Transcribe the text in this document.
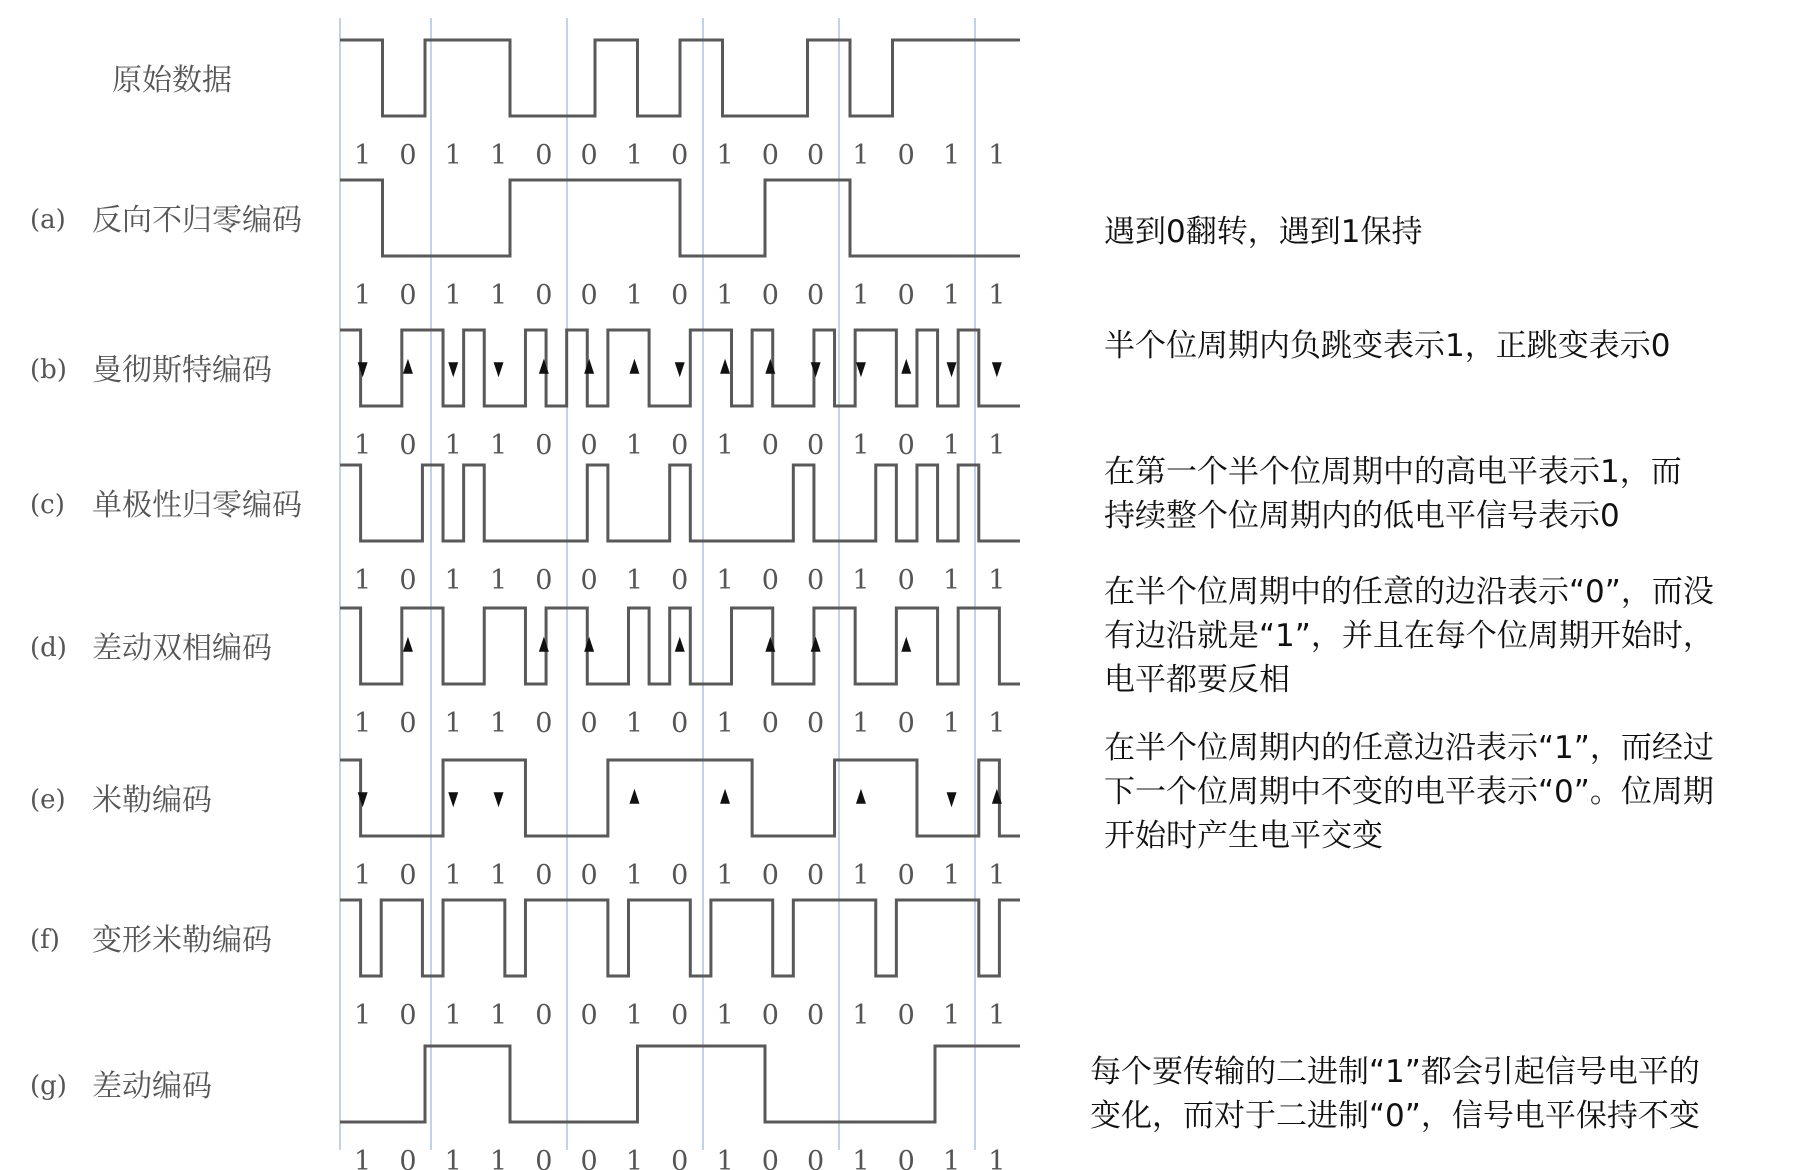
原始数据
1 0 1 1 0 0 1 0 1 0 0 1 0 1 1
(a) 反向不归零编码
1 0 1 1 0 0 1 0 1 0 0 1 0 1 1
(b) 曼彻斯特编码
1 0 1 1 0 0 1 0 1 0 0 1 0 1 1
(c) 单极性归零编码
1 0 1 1 0 0 1 0 1 0 0 1 0 1 1
(d) 差动双相编码
1 0 1 1 0 0 1 0 1 0 0 1 0 1 1
(e) 米勒编码
1 0 1 1 0 0 1 0 1 0 0 1 0 1 1
(f) 变形米勒编码
1 0 1 1 0 0 1 0 1 0 0 1 0 1 1
(g) 差动编码
1 0 1 1 0 0 1 0 1 0 0 1 0 1 1
遇到0翻转，遇到1保持
半个位周期内负跳变表示1，正跳变表示0
在第一个半个位周期中的高电平表示1，而
持续整个位周期内的低电平信号表示0
在半个位周期中的任意的边沿表示“0”，而没
有边沿就是“1”，并且在每个位周期开始时，
电平都要反相
在半个位周期内的任意边沿表示“1”，而经过
下一个位周期中不变的电平表示“0”。位周期
开始时产生电平交变
每个要传输的二进制“1”都会引起信号电平的
变化，而对于二进制“0”，信号电平保持不变
